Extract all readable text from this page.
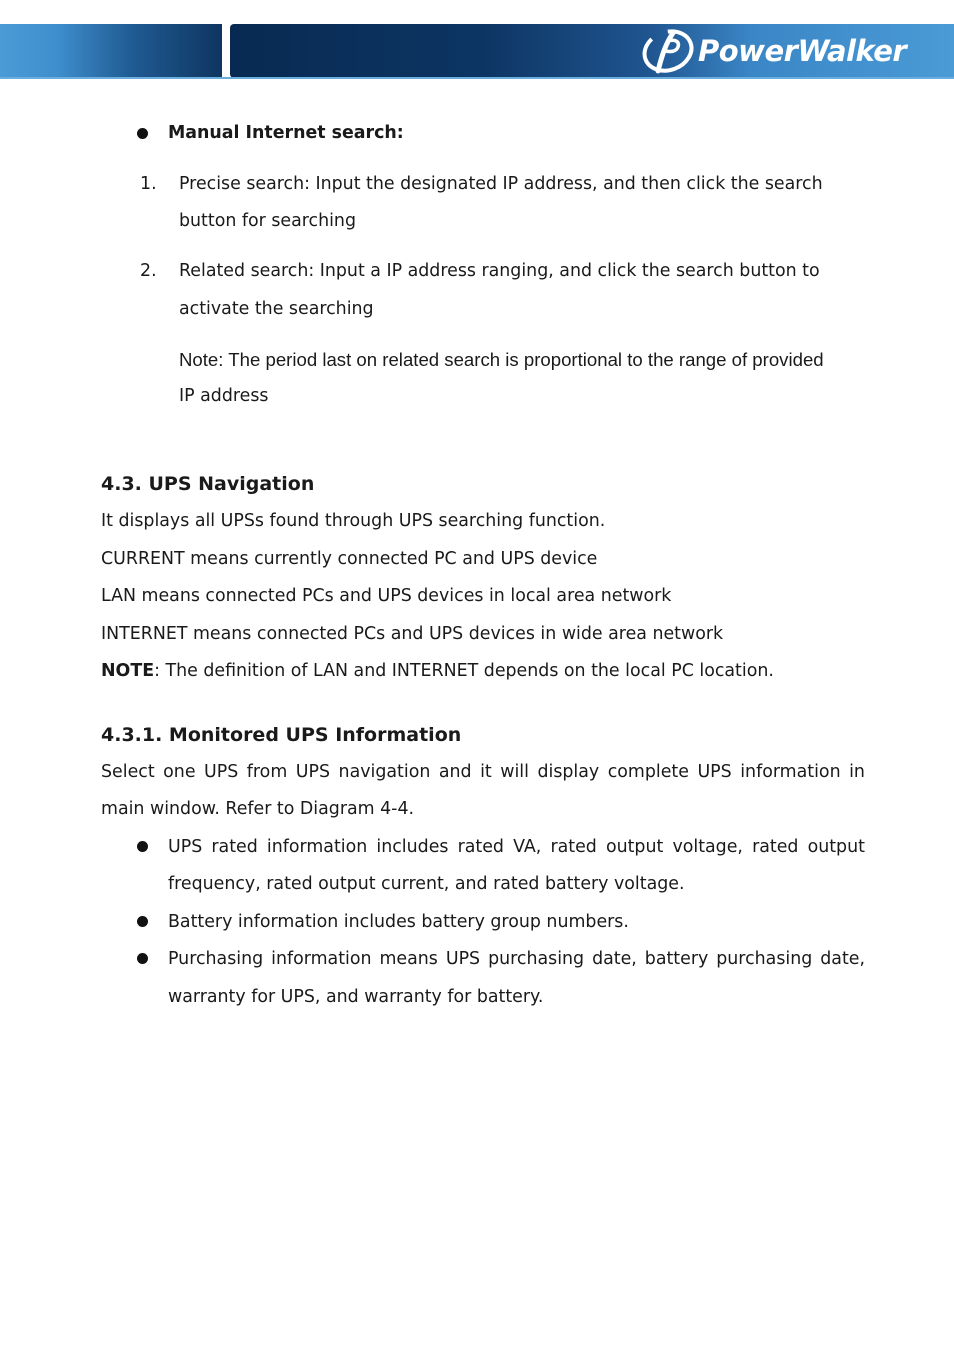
PowerWalker
Manual Internet search:
1. Precise search: Input the designated IP address, and then click the search
button for searching
2. Related search: Input a IP address ranging, and click the search button to
activate the searching
Note: The period last on related search is proportional to the range of provided
IP address
4.3. UPS Navigation
It displays all UPSs found through UPS searching function.
CURRENT means currently connected PC and UPS device
LAN means connected PCs and UPS devices in local area network
INTERNET means connected PCs and UPS devices in wide area network
NOTE: The definition of LAN and INTERNET depends on the local PC location.
4.3.1. Monitored UPS Information
Select one UPS from UPS navigation and it will display complete UPS information in
main window. Refer to Diagram 4-4.
UPS rated information includes rated VA, rated output voltage, rated output
frequency, rated output current, and rated battery voltage.
Battery information includes battery group numbers.
Purchasing information means UPS purchasing date, battery purchasing date,
warranty for UPS, and warranty for battery.
